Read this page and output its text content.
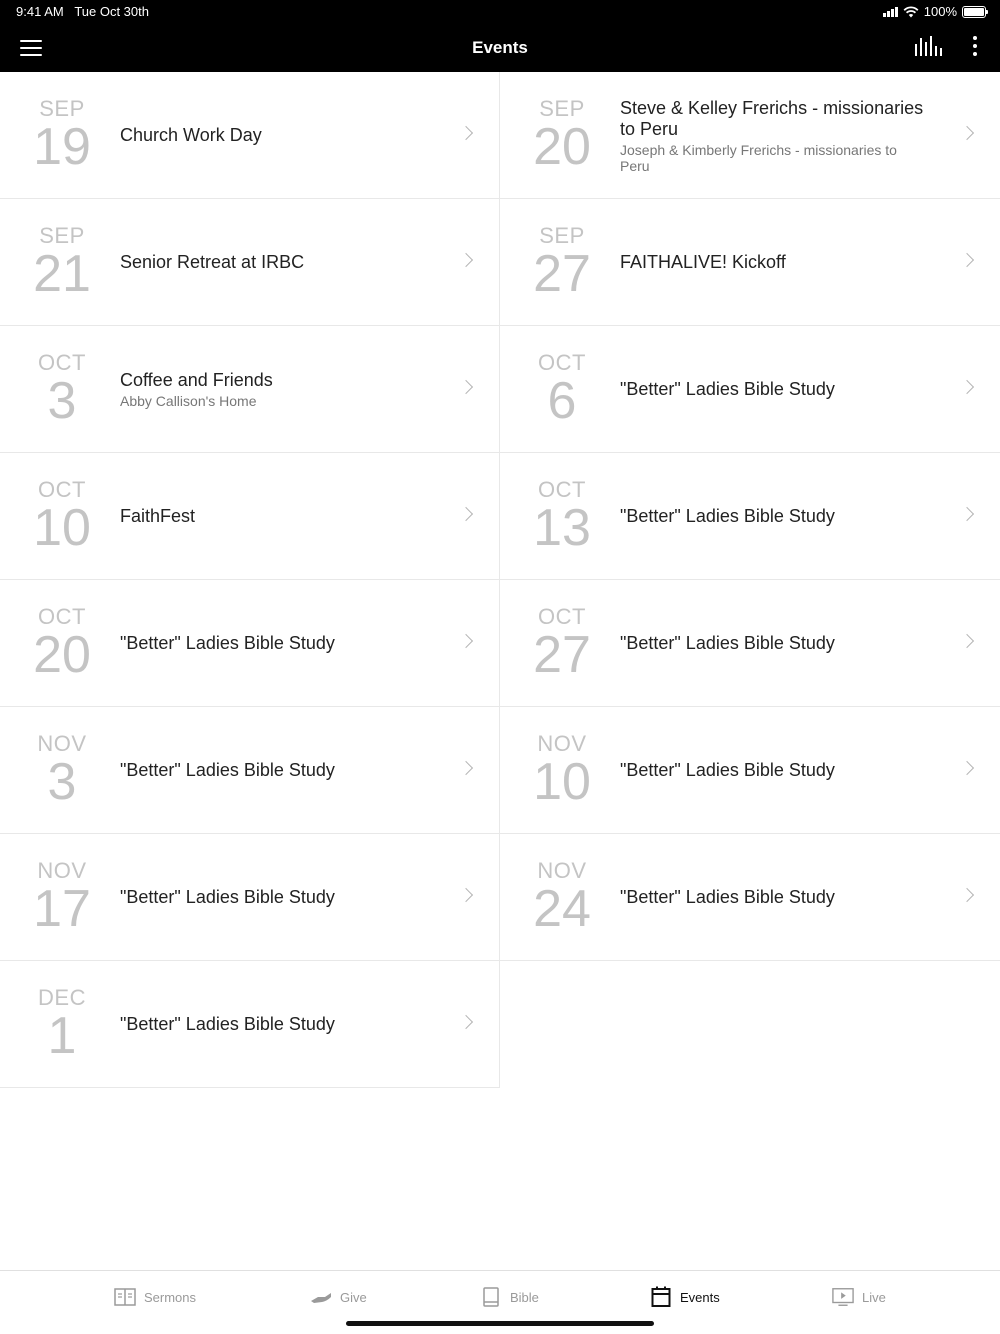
9:41 AM Tue Oct 30th	100%
Events
SEP
19	Church Work Day
SEP
20
Steve & Kelley Frerichs - missionaries to Peru
Joseph & Kimberly Frerichs - missionaries to Peru
SEP
21	Senior Retreat at IRBC
SEP
27	FAITHALIVE! Kickoff
OCT
3	Coffee and Friends
Abby Callison's Home
OCT
6	"Better" Ladies Bible Study
OCT
10	FaithFest
OCT
13	"Better" Ladies Bible Study
OCT
20	"Better" Ladies Bible Study
OCT
27	"Better" Ladies Bible Study
NOV
3	"Better" Ladies Bible Study
NOV
10	"Better" Ladies Bible Study
NOV
17	"Better" Ladies Bible Study
NOV
24	"Better" Ladies Bible Study
DEC
1	"Better" Ladies Bible Study
Sermons	Give	Bible	Events	Live
